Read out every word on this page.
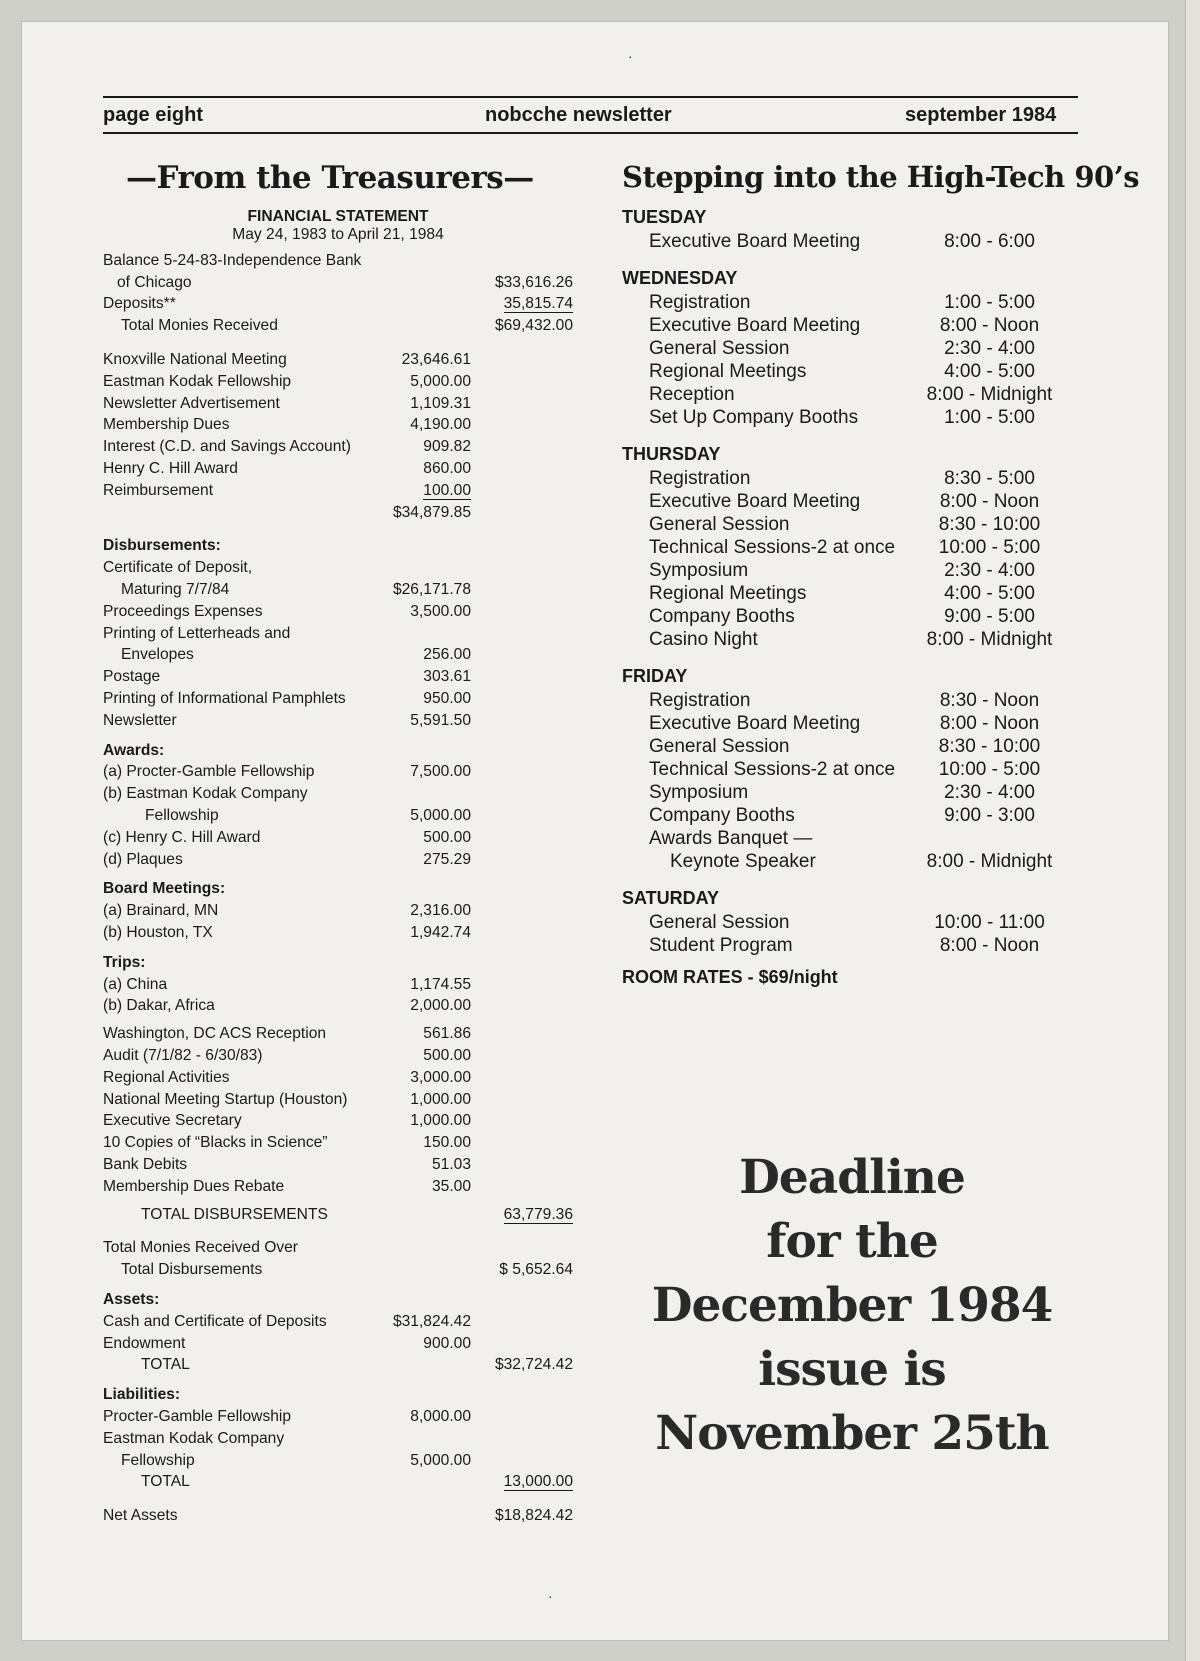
·
·
page eight	nobcche newsletter	september 1984
—From the Treasurers—	Stepping into the High-Tech 90’s
FINANCIAL STATEMENT
May 24, 1983 to April 21, 1984
Balance 5-24-83-Independence Bank
of Chicago	$33,616.26
Deposits**	35,815.74
Total Monies Received	$69,432.00
Knoxville National Meeting	23,646.61
Eastman Kodak Fellowship	5,000.00
Newsletter Advertisement	1,109.31
Membership Dues	4,190.00
Interest (C.D. and Savings Account)	909.82
Henry C. Hill Award	860.00
Reimbursement	100.00
$34,879.85
Disbursements:
Certificate of Deposit,
Maturing 7/7/84	$26,171.78
Proceedings Expenses	3,500.00
Printing of Letterheads and
Envelopes	256.00
Postage	303.61
Printing of Informational Pamphlets	950.00
Newsletter	5,591.50
Awards:
(a) Procter-Gamble Fellowship	7,500.00
(b) Eastman Kodak Company
Fellowship	5,000.00
(c) Henry C. Hill Award	500.00
(d) Plaques	275.29
Board Meetings:
(a) Brainard, MN	2,316.00
(b) Houston, TX	1,942.74
Trips:
(a) China	1,174.55
(b) Dakar, Africa	2,000.00
Washington, DC ACS Reception	561.86
Audit (7/1/82 - 6/30/83)	500.00
Regional Activities	3,000.00
National Meeting Startup (Houston)	1,000.00
Executive Secretary	1,000.00
10 Copies of “Blacks in Science”	150.00
Bank Debits	51.03
Membership Dues Rebate	35.00
TOTAL DISBURSEMENTS	63,779.36
Total Monies Received Over
Total Disbursements	$ 5,652.64
Assets:
Cash and Certificate of Deposits	$31,824.42
Endowment	900.00
TOTAL	$32,724.42
Liabilities:
Procter-Gamble Fellowship	8,000.00
Eastman Kodak Company
Fellowship	5,000.00
TOTAL	13,000.00
Net Assets	$18,824.42
TUESDAY
Executive Board Meeting	8:00 - 6:00
WEDNESDAY
Registration	1:00 - 5:00
Executive Board Meeting	8:00 - Noon
General Session	2:30 - 4:00
Regional Meetings	4:00 - 5:00
Reception	8:00 - Midnight
Set Up Company Booths	1:00 - 5:00
THURSDAY
Registration	8:30 - 5:00
Executive Board Meeting	8:00 - Noon
General Session	8:30 - 10:00
Technical Sessions-2 at once	10:00 - 5:00
Symposium	2:30 - 4:00
Regional Meetings	4:00 - 5:00
Company Booths	9:00 - 5:00
Casino Night	8:00 - Midnight
FRIDAY
Registration	8:30 - Noon
Executive Board Meeting	8:00 - Noon
General Session	8:30 - 10:00
Technical Sessions-2 at once	10:00 - 5:00
Symposium	2:30 - 4:00
Company Booths	9:00 - 3:00
Awards Banquet —
Keynote Speaker	8:00 - Midnight
SATURDAY
General Session	10:00 - 11:00
Student Program	8:00 - Noon
ROOM RATES - $69/night
Deadline
for the
December 1984
issue is
November 25th
